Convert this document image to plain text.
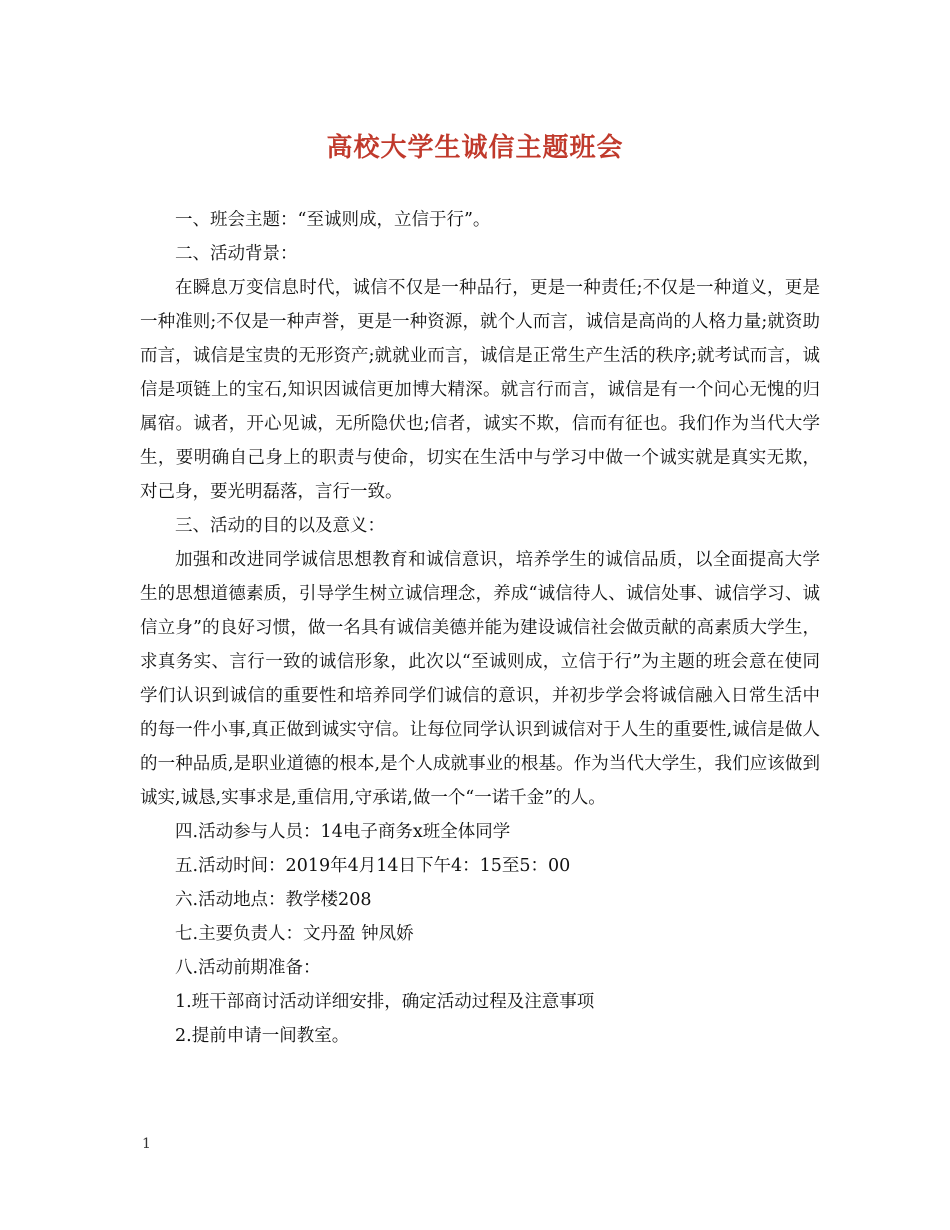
高校大学生诚信主题班会

一、班会主题：“至诚则成，立信于行”。

二、活动背景：

在瞬息万变信息时代，诚信不仅是一种品行，更是一种责任;不仅是一种道义，更是一种准则;不仅是一种声誉，更是一种资源，就个人而言，诚信是高尚的人格力量;就资助而言，诚信是宝贵的无形资产;就就业而言，诚信是正常生产生活的秩序;就考试而言，诚信是项链上的宝石,知识因诚信更加博大精深。就言行而言，诚信是有一个问心无愧的归属宿。诚者，开心见诚，无所隐伏也;信者，诚实不欺，信而有征也。我们作为当代大学生，要明确自己身上的职责与使命，切实在生活中与学习中做一个诚实就是真实无欺，对己身，要光明磊落，言行一致。

三、活动的目的以及意义：

加强和改进同学诚信思想教育和诚信意识，培养学生的诚信品质，以全面提高大学生的思想道德素质，引导学生树立诚信理念，养成“诚信待人、诚信处事、诚信学习、诚信立身”的良好习惯，做一名具有诚信美德并能为建设诚信社会做贡献的高素质大学生，求真务实、言行一致的诚信形象，此次以“至诚则成，立信于行”为主题的班会意在使同学们认识到诚信的重要性和培养同学们诚信的意识，并初步学会将诚信融入日常生活中的每一件小事,真正做到诚实守信。让每位同学认识到诚信对于人生的重要性,诚信是做人的一种品质,是职业道德的根本,是个人成就事业的根基。作为当代大学生，我们应该做到诚实,诚恳,实事求是,重信用,守承诺,做一个“一诺千金”的人。

四.活动参与人员：14电子商务x班全体同学

五.活动时间：2019年4月14日下午4：15至5：00

六.活动地点：教学楼208

七.主要负责人：文丹盈 钟凤娇

八.活动前期准备：

1.班干部商讨活动详细安排，确定活动过程及注意事项

2.提前申请一间教室。

1
